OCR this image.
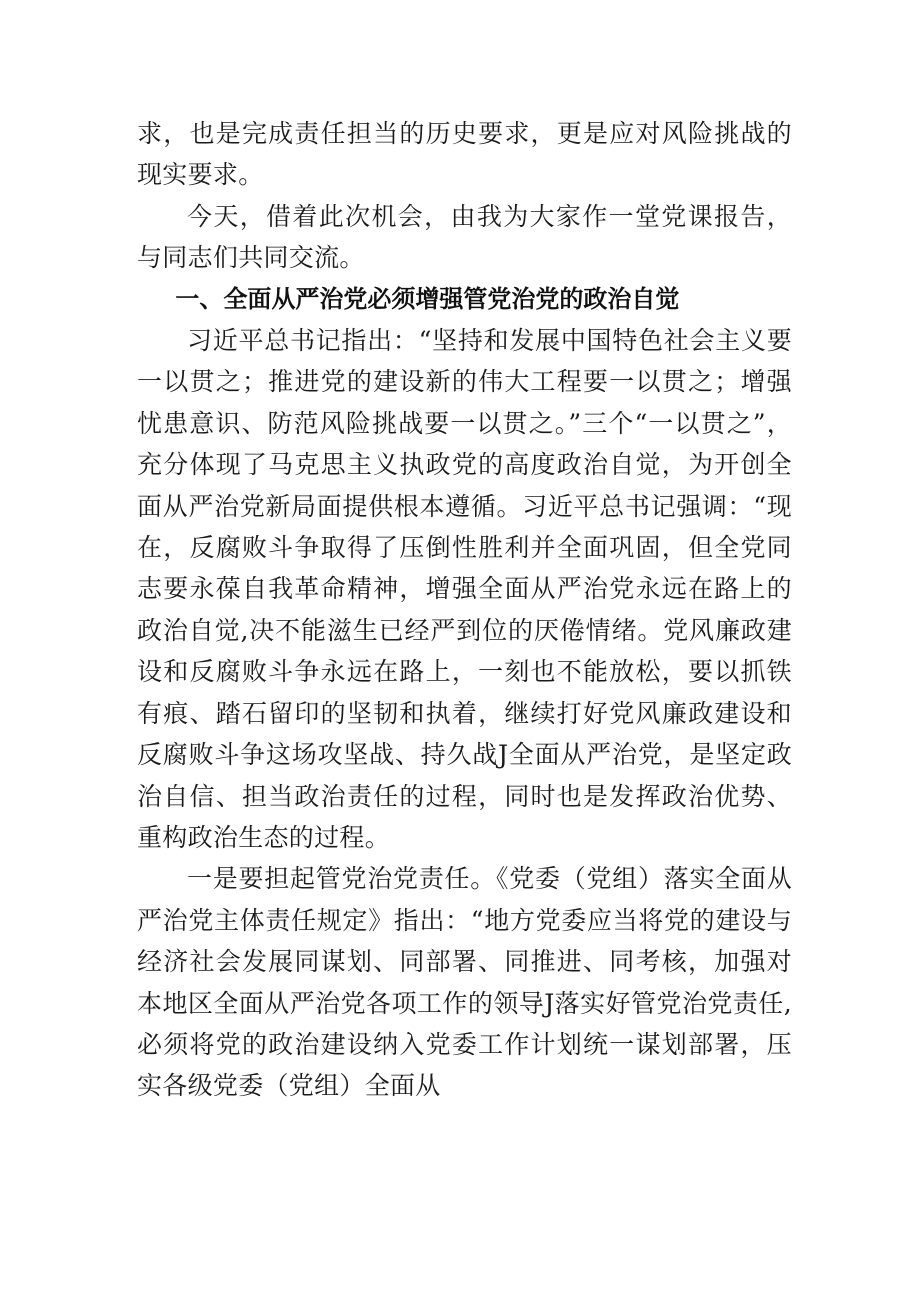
求，也是完成责任担当的历史要求，更是应对风险挑战的现实要求。

今天，借着此次机会，由我为大家作一堂党课报告，与同志们共同交流。

一、全面从严治党必须增强管党治党的政治自觉

习近平总书记指出：“坚持和发展中国特色社会主义要一以贯之；推进党的建设新的伟大工程要一以贯之；增强忧患意识、防范风险挑战要一以贯之。”三个“一以贯之”，充分体现了马克思主义执政党的高度政治自觉，为开创全面从严治党新局面提供根本遵循。习近平总书记强调：“现在，反腐败斗争取得了压倒性胜利并全面巩固，但全党同志要永葆自我革命精神，增强全面从严治党永远在路上的政治自觉,决不能滋生已经严到位的厌倦情绪。党风廉政建设和反腐败斗争永远在路上，一刻也不能放松，要以抓铁有痕、踏石留印的坚韧和执着，继续打好党风廉政建设和反腐败斗争这场攻坚战、持久战J全面从严治党，是坚定政治自信、担当政治责任的过程，同时也是发挥政治优势、重构政治生态的过程。

一是要担起管党治党责任。《党委（党组）落实全面从严治党主体责任规定》指出：“地方党委应当将党的建设与经济社会发展同谋划、同部署、同推进、同考核，加强对本地区全面从严治党各项工作的领导J落实好管党治党责任,必须将党的政治建设纳入党委工作计划统一谋划部署，压实各级党委（党组）全面从
